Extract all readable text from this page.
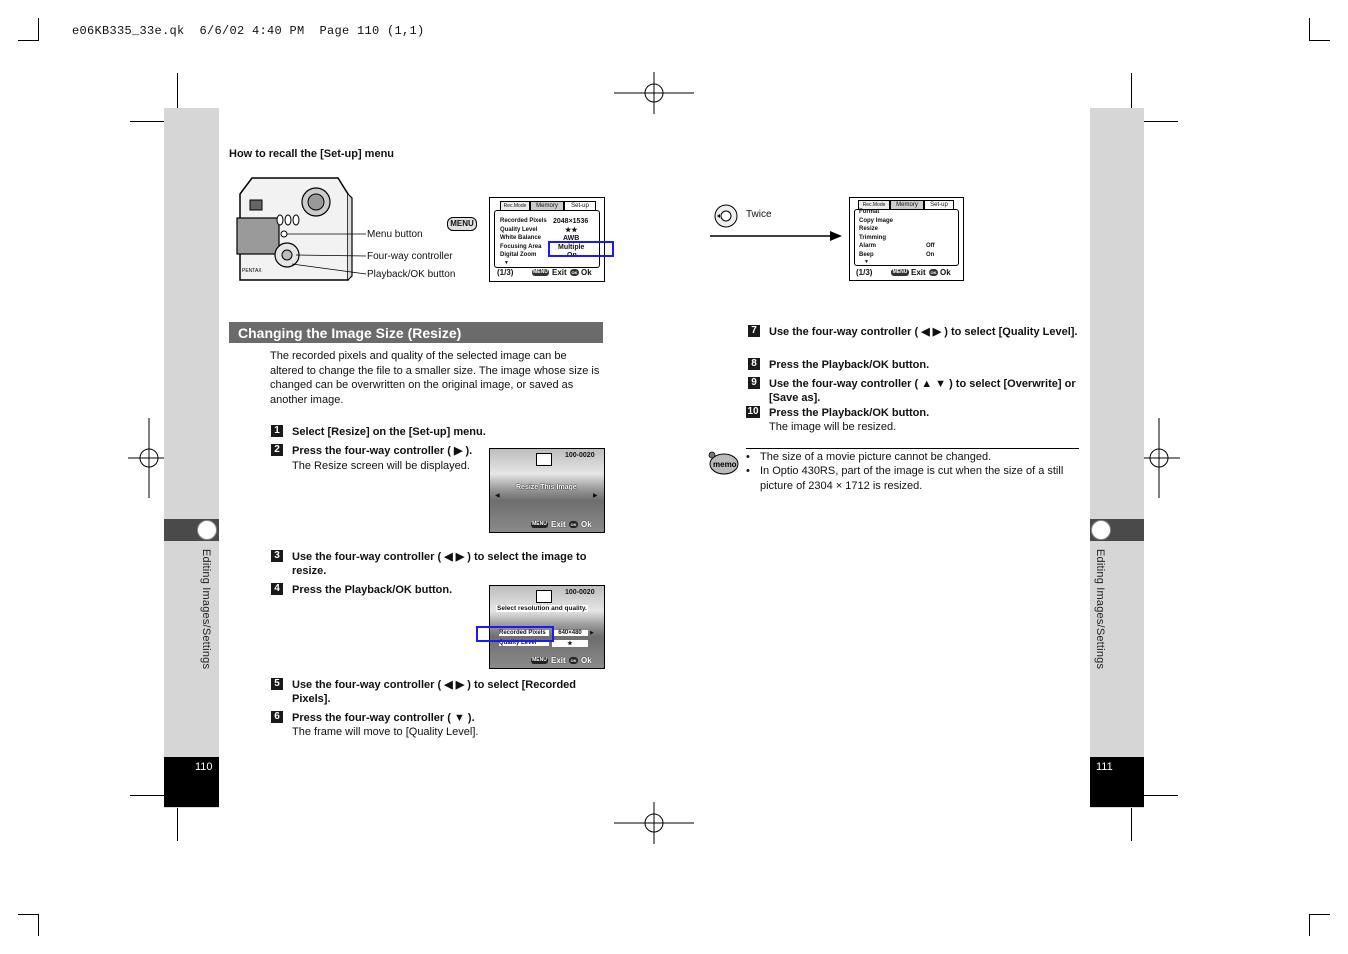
e06KB335_33e.qk  6/6/02 4:40 PM  Page 110 (1,1)
Editing Images/Settings
110
Editing Images/Settings
111
How to recall the [Set-up] menu
PENTAX
Menu button
Four-way controller
Playback/OK button
MENU
Rec.Mode	Memory	Set-up
Recorded Pixels 2048×1536
Quality Level	★★
White Balance	AWB
Focusing Area Multiple
Digital Zoom	On
▼
(1/3)	MENU Exit	OK Ok
Twice
Rec.Mode	Memory	Set-up
Format
Copy Image
Resize
Trimming
Alarm	Off
Beep	On
▼
(1/3)	MENU Exit	OK Ok
Changing the Image Size (Resize)
The recorded pixels and quality of the selected image can be altered to change the file to a smaller size. The image whose size is changed can be overwritten on the original image, or saved as another image.
1 Select [Resize] on the [Set-up] menu.
2 Press the four-way controller ( ▶ ).
The Resize screen will be displayed.
3 Use the four-way controller ( ◀ ▶ ) to select the image to resize.
4 Press the Playback/OK button.
5 Use the four-way controller ( ◀ ▶ ) to select [Recorded Pixels].
6 Press the four-way controller ( ▼ ).
The frame will move to [Quality Level].
100-0020
Resize This Image
◀	▶
MENU Exit	OK Ok
100-0020
Select resolution and quality.
Recorded Pixels	640×480	▶
Quality Level	★
MENU Exit	OK Ok
7 Use the four-way controller ( ◀ ▶ ) to select [Quality Level].
8 Press the Playback/OK button.
9 Use the four-way controller ( ▲ ▼ ) to select [Overwrite] or [Save as].
10 Press the Playback/OK button.
The image will be resized.
memo
• The size of a movie picture cannot be changed.
• In Optio 430RS, part of the image is cut when the size of a still picture of 2304 × 1712 is resized.
